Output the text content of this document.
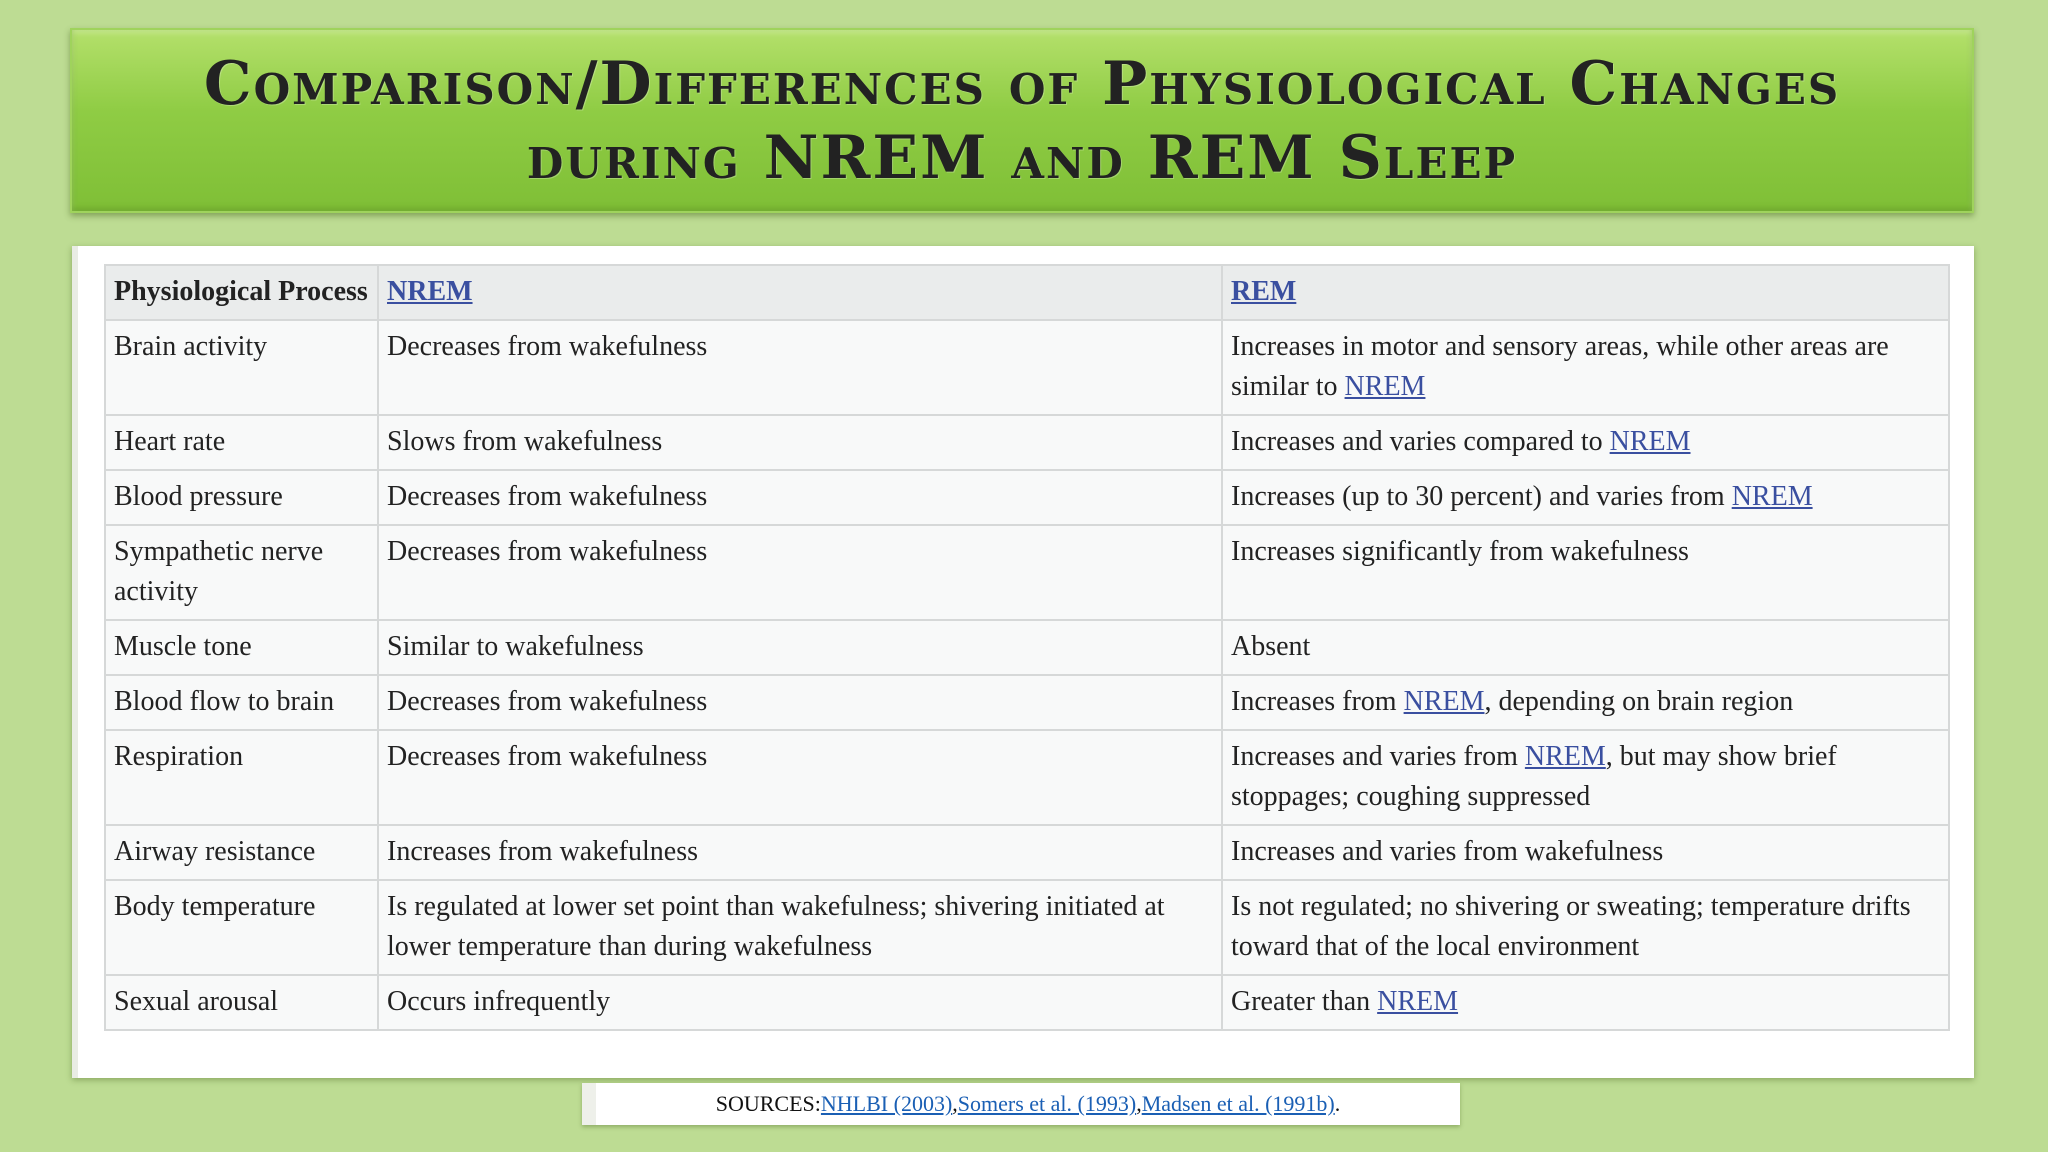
Comparison/Differences of Physiological Changes
during NREM and REM Sleep
Physiological Process	NREM	REM
Brain activity	Decreases from wakefulness	Increases in motor and sensory areas, while other areas are similar to NREM
Heart rate	Slows from wakefulness	Increases and varies compared to NREM
Blood pressure	Decreases from wakefulness	Increases (up to 30 percent) and varies from NREM
Sympathetic nerve activity	Decreases from wakefulness	Increases significantly from wakefulness
Muscle tone	Similar to wakefulness	Absent
Blood flow to brain	Decreases from wakefulness	Increases from NREM, depending on brain region
Respiration	Decreases from wakefulness	Increases and varies from NREM, but may show brief stoppages; coughing suppressed
Airway resistance	Increases from wakefulness	Increases and varies from wakefulness
Body temperature	Is regulated at lower set point than wakefulness; shivering initiated at lower temperature than during wakefulness	Is not regulated; no shivering or sweating; temperature drifts toward that of the local environment
Sexual arousal	Occurs infrequently	Greater than NREM
SOURCES: NHLBI (2003) , Somers et al. (1993) , Madsen et al. (1991b) .
